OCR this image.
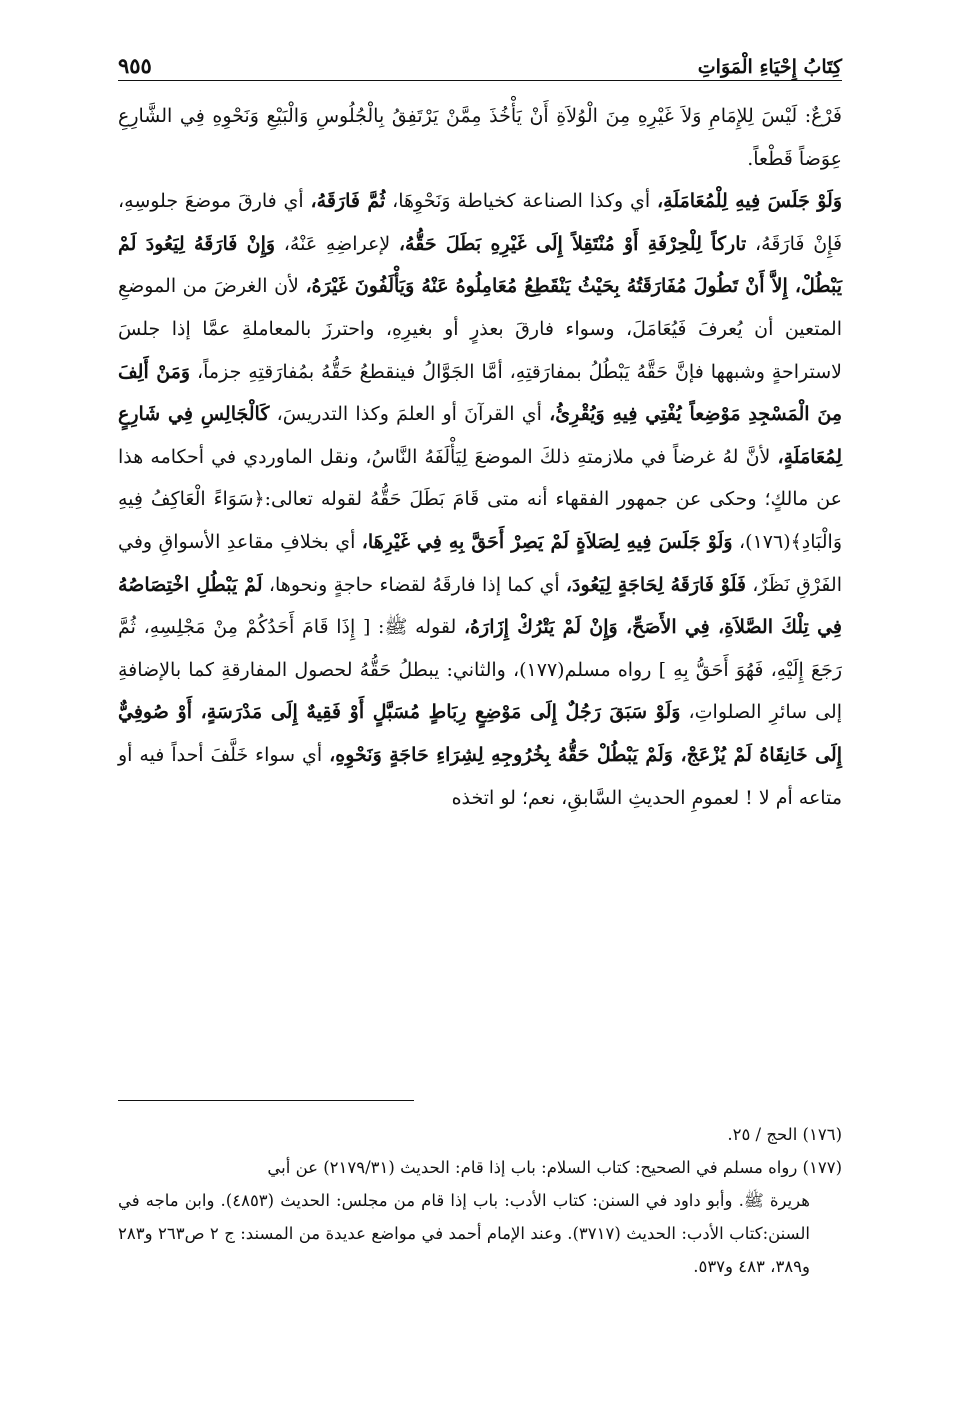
كِتَابُ إِحْيَاءِ الْمَوَاتِ
٩٥٥

فَرْعٌ: لَيْسَ لِلإِمَامِ وَلاَ غَيْرِهِ مِنَ الْوُلاَةِ أَنْ يَأْخُذَ مِمَّنْ يَرْتَفِقُ بِالْجُلُوسِ وَالْبَيْعِ وَنَحْوِهِ فِي الشَّارِعِ عِوَضاً قَطْعاً.

وَلَوْ جَلَسَ فِيهِ لِلْمُعَامَلَةِ، أي وكذا الصناعة كخياطة وَنَحْوِهَا، ثُمَّ فَارَقَهُ، أي فارقَ موضعَ جلوسِهِ، فَإِنْ فَارَقَهُ، تاركاً لِلْحِرْفَةِ أَوْ مُنْتَقِلاً إِلَى غَيْرِهِ بَطَلَ حَقُّهُ، لإعراضِهِ عَنْهُ، وَإِنْ فَارَقَهُ لِيَعُودَ لَمْ يَبْطُلْ، إِلاَّ أَنْ تَطُولَ مُفَارَقَتُهُ بِحَيْثُ يَنْقَطِعُ مُعَامِلُوهُ عَنْهُ وَيَأْلَفُونَ غَيْرَهُ، لأن الغرضَ من الموضعِ المتعين أن يُعرفَ فَيُعَامَلَ، وسواء فارقَ بعذرٍ أو بغيرِهِ، واحترزَ بالمعاملةِ عمَّا إذا جلسَ لاستراحةٍ وشبهها فإنَّ حَقَّهُ يَبْطُلُ بمفارَقتِهِ، أمَّا الجَوَّالُ فينقطعُ حَقُّهُ بمُفارَقتِهِ جزماً، وَمَنْ أَلِفَ مِنَ الْمَسْجِدِ مَوْضِعاً يُفْتِي فِيهِ وَيُقْرِئُ، أي القرآنَ أو العلمَ وكذا التدريسَ، كَالْجَالِسِ فِي شَارِعٍ لِمُعَامَلَةٍ، لأنَّ لهُ غرضاً في ملازمتهِ ذلكَ الموضعَ لِيَأْلَفَهُ النَّاسُ، ونقل الماوردي في أحكامه هذا عن مالكٍ؛ وحكى عن جمهور الفقهاء أنه متى قَامَ بَطَلَ حَقُّهُ لقوله تعالى:﴿سَوَاءً الْعَاكِفُ فِيهِ وَالْبَادِ﴾(١٧٦)، وَلَوْ جَلَسَ فِيهِ لِصَلاَةٍ لَمْ يَصِرْ أَحَقَّ بِهِ فِي غَيْرِهَا، أي بخلافِ مقاعدِ الأسواقِ وفي الفَرْقِ نَظَرٌ، فَلَوْ فَارَقَهُ لِحَاجَةٍ لِيَعُودَ، أي كما إذا فارقَهُ لقضاء حاجةٍ ونحوها، لَمْ يَبْطُلِ اخْتِصَاصُهُ فِي تِلْكَ الصَّلاَةِ، فِي الأَصَحِّ، وَإِنْ لَمْ يَتْرُكْ إِزَارَهُ، لقوله ﷺ: [ إِذَا قَامَ أَحَدُكُمْ مِنْ مَجْلِسِهِ، ثُمَّ رَجَعَ إِلَيْهِ، فَهُوَ أَحَقُّ بِهِ ] رواه مسلم(١٧٧)، والثاني: يبطلُ حَقُّهُ لحصول المفارقةِ كما بالإضافةِ إلى سائرِ الصلواتِ، وَلَوْ سَبَقَ رَجُلٌ إِلَى مَوْضِعٍ رِبَاطٍ مُسَبَّلٍ أَوْ فَقِيهٌ إِلَى مَدْرَسَةٍ، أَوْ صُوفِيٌّ إِلَى خَانِقَاهُ لَمْ يُزْعَجْ، وَلَمْ يَبْطُلْ حَقُّهُ بِخُرُوجِهِ لِشِرَاءِ حَاجَةٍ وَنَحْوِهِ، أي سواء خَلَّفَ أحداً فيه أو متاعه أم لا ! لعمومِ الحديثِ السَّابقِ، نعم؛ لو اتخذه

(١٧٦) الحج / ٢٥.

(١٧٧) رواه مسلم في الصحيح: كتاب السلام: باب إذا قام: الحديث (٢١٧٩/٣١) عن أبي

هريرة ﷺ. وأبو داود في السنن: كتاب الأدب: باب إذا قام من مجلس: الحديث (٤٨٥٣). وابن ماجه في السنن:كتاب الأدب: الحديث (٣٧١٧). وعند الإمام أحمد في مواضع عديدة من المسند: ج ٢ ص٢٦٣ و٢٨٣ و٣٨٩، ٤٨٣ و٥٣٧.
